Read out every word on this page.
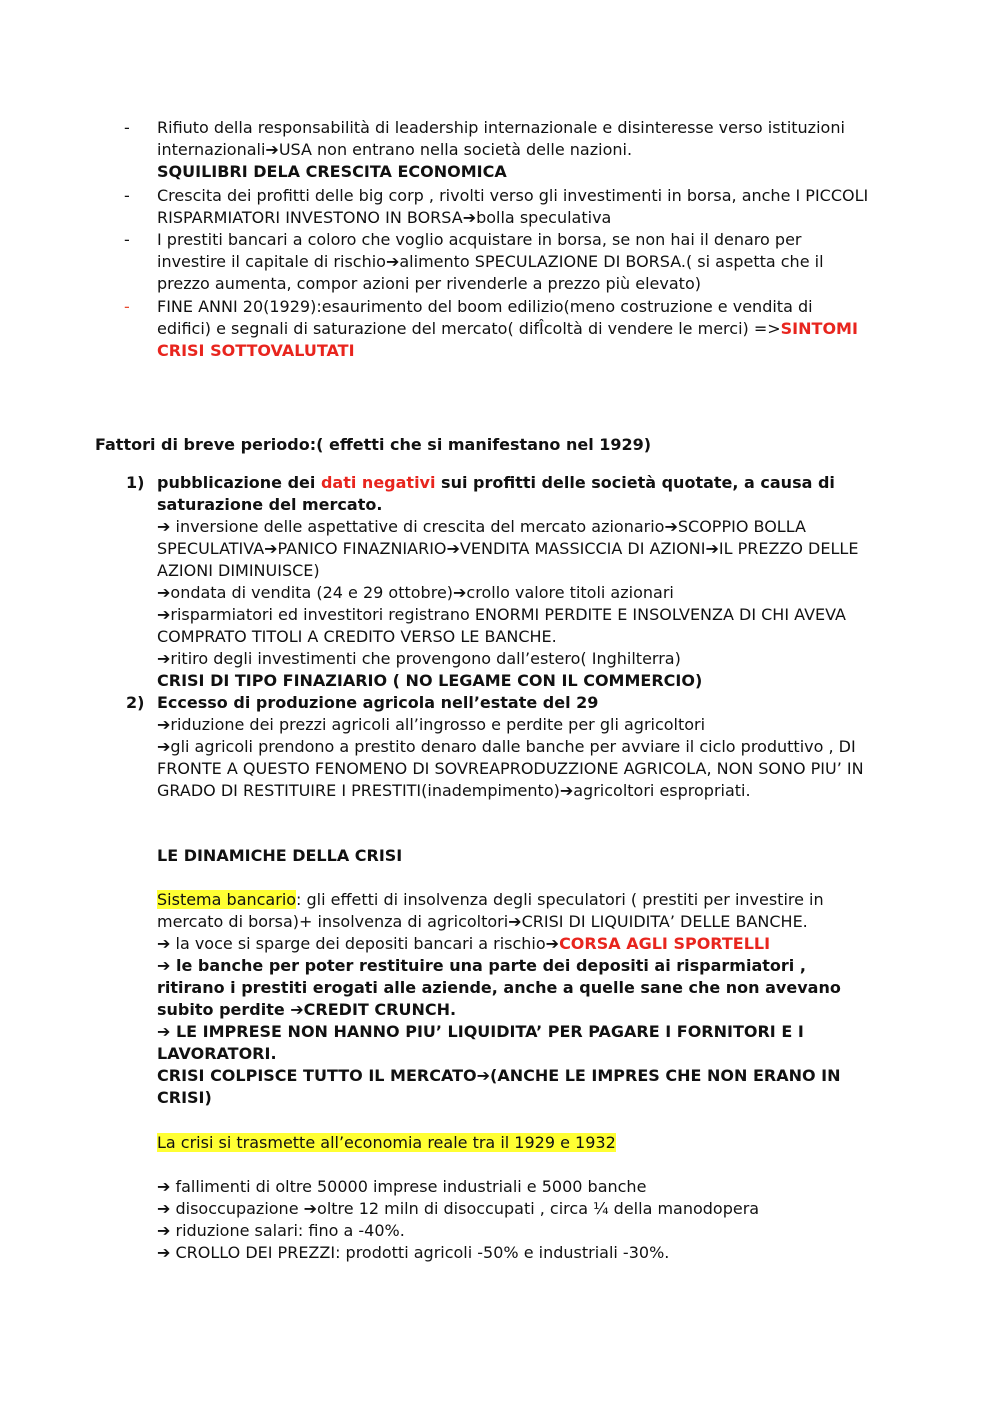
- Rifiuto della responsabilità di leadership internazionale e disinteresse verso istituzioni

internazionali➔USA non entrano nella società delle nazioni.

SQUILIBRI DELA CRESCITA ECONOMICA

- Crescita dei profitti delle big corp , rivolti verso gli investimenti in borsa, anche I PICCOLI

RISPARMIATORI INVESTONO IN BORSA➔bolla speculativa

- I prestiti bancari a coloro che voglio acquistare in borsa, se non hai il denaro per

investire il capitale di rischio➔alimento SPECULAZIONE DI BORSA.( si aspetta che il

prezzo aumenta, compor azioni per rivenderle a prezzo più elevato)

- FINE ANNI 20(1929):esaurimento del boom edilizio(meno costruzione e vendita di

edifici) e segnali di saturazione del mercato( difÎcoltà di vendere le merci) =>SINTOMI

CRISI SOTTOVALUTATI

Fattori di breve periodo:( effetti che si manifestano nel 1929)

1) pubblicazione dei dati negativi sui profitti delle società quotate, a causa di

saturazione del mercato.

➔ inversione delle aspettative di crescita del mercato azionario➔SCOPPIO BOLLA

SPECULATIVA➔PANICO FINAZNIARIO➔VENDITA MASSICCIA DI AZIONI➔IL PREZZO DELLE

AZIONI DIMINUISCE)

➔ondata di vendita (24 e 29 ottobre)➔crollo valore titoli azionari

➔risparmiatori ed investitori registrano ENORMI PERDITE E INSOLVENZA DI CHI AVEVA

COMPRATO TITOLI A CREDITO VERSO LE BANCHE.

➔ritiro degli investimenti che provengono dall’estero( Inghilterra)

CRISI DI TIPO FINAZIARIO ( NO LEGAME CON IL COMMERCIO)

2) Eccesso di produzione agricola nell’estate del 29

➔riduzione dei prezzi agricoli all’ingrosso e perdite per gli agricoltori

➔gli agricoli prendono a prestito denaro dalle banche per avviare il ciclo produttivo , DI

FRONTE A QUESTO FENOMENO DI SOVREAPRODUZZIONE AGRICOLA, NON SONO PIU’ IN

GRADO DI RESTITUIRE I PRESTITI(inadempimento)➔agricoltori espropriati.

LE DINAMICHE DELLA CRISI

Sistema bancario: gli effetti di insolvenza degli speculatori ( prestiti per investire in

mercato di borsa)+ insolvenza di agricoltori➔CRISI DI LIQUIDITA’ DELLE BANCHE.

➔ la voce si sparge dei depositi bancari a rischio➔CORSA AGLI SPORTELLI

➔ le banche per poter restituire una parte dei depositi ai risparmiatori ,

ritirano i prestiti erogati alle aziende, anche a quelle sane che non avevano

subito perdite ➔CREDIT CRUNCH.

➔ LE IMPRESE NON HANNO PIU’ LIQUIDITA’ PER PAGARE I FORNITORI E I

LAVORATORI.

CRISI COLPISCE TUTTO IL MERCATO➔(ANCHE LE IMPRES CHE NON ERANO IN

CRISI)

La crisi si trasmette all’economia reale tra il 1929 e 1932

➔ fallimenti di oltre 50000 imprese industriali e 5000 banche

➔ disoccupazione ➔oltre 12 miln di disoccupati , circa ¼ della manodopera

➔ riduzione salari: fino a -40%.

➔ CROLLO DEI PREZZI: prodotti agricoli -50% e industriali -30%.
